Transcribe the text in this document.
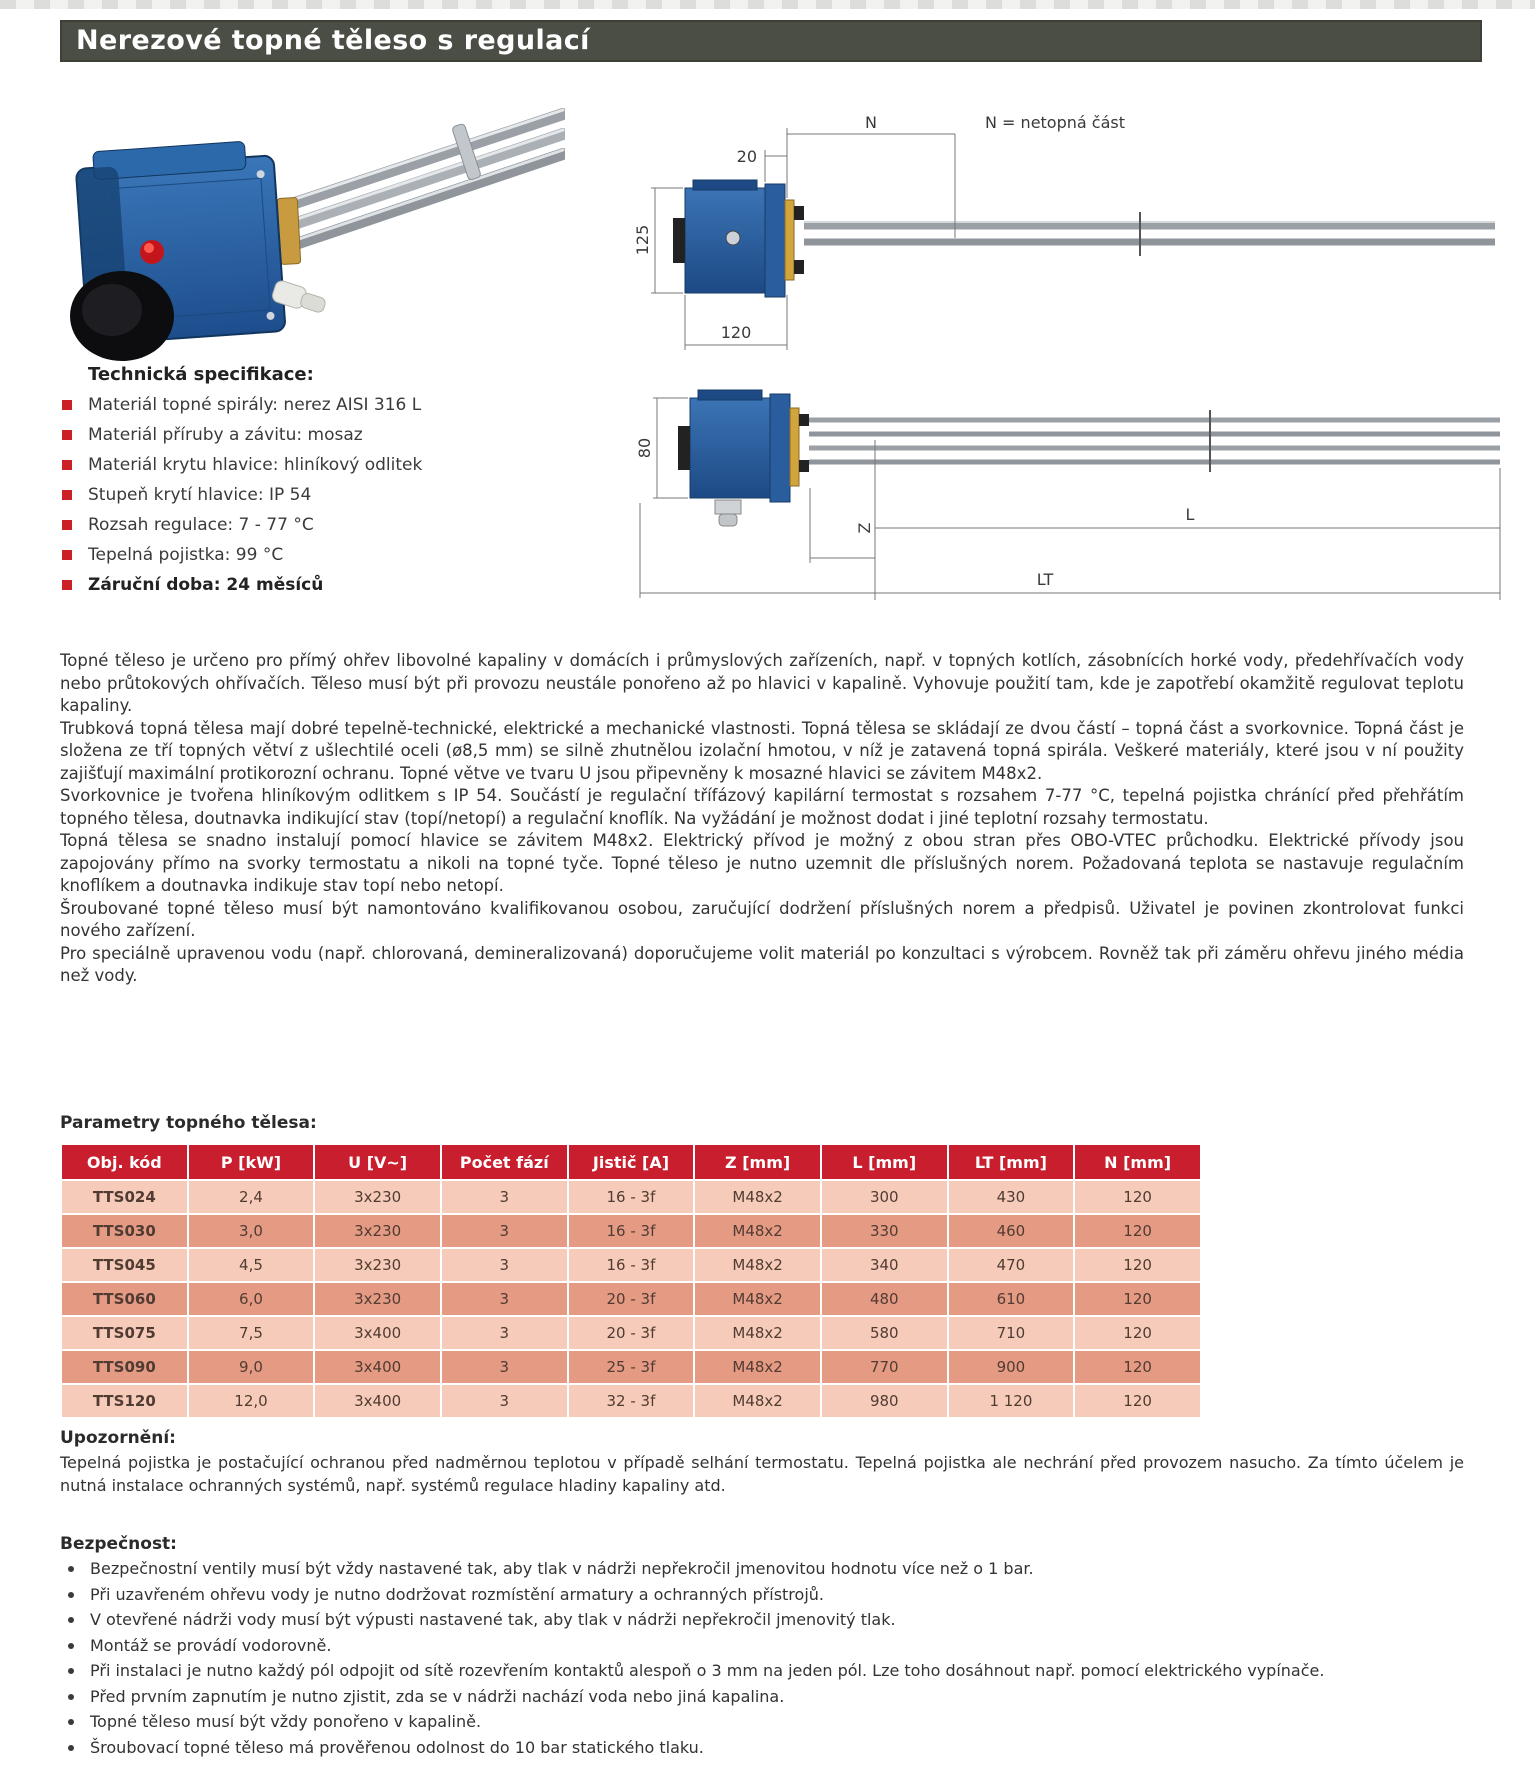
Nerezové topné těleso s regulací
125
20
N	N = netopná část
120
80
Z
L
LT
Technická specifikace:
Materiál topné spirály: nerez AISI 316 L
Materiál příruby a závitu: mosaz
Materiál krytu hlavice: hliníkový odlitek
Stupeň krytí hlavice: IP 54
Rozsah regulace: 7 - 77 °C
Tepelná pojistka: 99 °C
Záruční doba: 24 měsíců

Topné těleso je určeno pro přímý ohřev libovolné kapaliny v domácích i průmyslových zařízeních, např. v topných kotlích, zásobnících horké vody, předehřívačích vody nebo průtokových ohřívačích. Těleso musí být při provozu neustále ponořeno až po hlavici v kapalině. Vyhovuje použití tam, kde je zapotřebí okamžitě regulovat teplotu kapaliny.

Trubková topná tělesa mají dobré tepelně-technické, elektrické a mechanické vlastnosti. Topná tělesa se skládají ze dvou částí – topná část a svorkovnice. Topná část je složena ze tří topných větví z ušlechtilé oceli (ø8,5 mm) se silně zhutnělou izolační hmotou, v níž je zatavená topná spirála. Veškeré materiály, které jsou v ní použity zajišťují maximální protikorozní ochranu. Topné větve ve tvaru U jsou připevněny k mosazné hlavici se závitem M48x2.

Svorkovnice je tvořena hliníkovým odlitkem s IP 54. Součástí je regulační třífázový kapilární termostat s rozsahem 7-77 °C, tepelná pojistka chránící před přehřátím topného tělesa, doutnavka indikující stav (topí/netopí) a regulační knoflík. Na vyžádání je možnost dodat i jiné teplotní rozsahy termostatu.

Topná tělesa se snadno instalují pomocí hlavice se závitem M48x2. Elektrický přívod je možný z obou stran přes OBO-VTEC průchodku. Elektrické přívody jsou zapojovány přímo na svorky termostatu a nikoli na topné tyče. Topné těleso je nutno uzemnit dle příslušných norem. Požadovaná teplota se nastavuje regulačním knoflíkem a doutnavka indikuje stav topí nebo netopí.

Šroubované topné těleso musí být namontováno kvalifikovanou osobou, zaručující dodržení příslušných norem a předpisů. Uživatel je povinen zkontrolovat funkci nového zařízení.

Pro speciálně upravenou vodu (např. chlorovaná, demineralizovaná) doporučujeme volit materiál po konzultaci s výrobcem. Rovněž tak při záměru ohřevu jiného média než vody.

Parametry topného tělesa:
Obj. kód	P [kW]	U [V~]	Počet fází	Jistič [A]	Z [mm]	L [mm]	LT [mm]	N [mm]
TTS024	2,4	3x230	3	16 - 3f	M48x2	300	430	120
TTS030	3,0	3x230	3	16 - 3f	M48x2	330	460	120
TTS045	4,5	3x230	3	16 - 3f	M48x2	340	470	120
TTS060	6,0	3x230	3	20 - 3f	M48x2	480	610	120
TTS075	7,5	3x400	3	20 - 3f	M48x2	580	710	120
TTS090	9,0	3x400	3	25 - 3f	M48x2	770	900	120
TTS120	12,0	3x400	3	32 - 3f	M48x2	980	1 120	120
Upozornění:

Tepelná pojistka je postačující ochranou před nadměrnou teplotou v případě selhání termostatu. Tepelná pojistka ale nechrání před provozem nasucho. Za tímto účelem je nutná instalace ochranných systémů, např. systémů regulace hladiny kapaliny atd.

Bezpečnost:
Bezpečnostní ventily musí být vždy nastavené tak, aby tlak v nádrži nepřekročil jmenovitou hodnotu více než o 1 bar.
Při uzavřeném ohřevu vody je nutno dodržovat rozmístění armatury a ochranných přístrojů.
V otevřené nádrži vody musí být výpusti nastavené tak, aby tlak v nádrži nepřekročil jmenovitý tlak.
Montáž se provádí vodorovně.
Při instalaci je nutno každý pól odpojit od sítě rozevřením kontaktů alespoň o 3 mm na jeden pól. Lze toho dosáhnout např. pomocí elektrického vypínače.
Před prvním zapnutím je nutno zjistit, zda se v nádrži nachází voda nebo jiná kapalina.
Topné těleso musí být vždy ponořeno v kapalině.
Šroubovací topné těleso má prověřenou odolnost do 10 bar statického tlaku.
